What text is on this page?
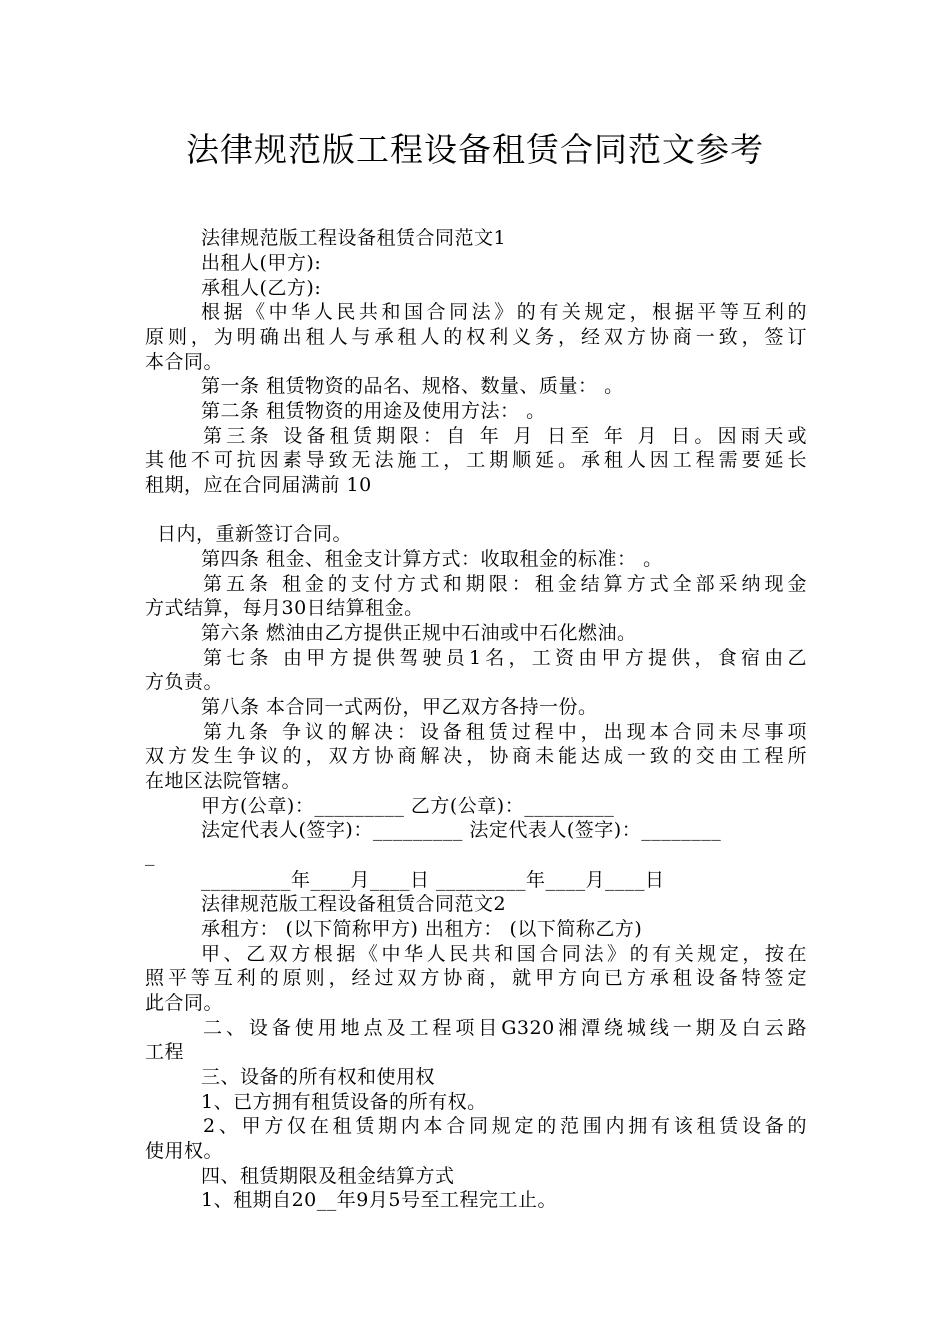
法律规范版工程设备租赁合同范文参考
法律规范版工程设备租赁合同范文1
出租人(甲方):
承租人(乙方):
根据《中华人民共和国合同法》的有关规定，根据平等互利的
原则，为明确出租人与承租人的权利义务，经双方协商一致，签订
本合同。
第一条 租赁物资的品名、规格、数量、质量： 。
第二条 租赁物资的用途及使用方法： 。
第三条 设备租赁期限：自 年 月 日至 年 月 日。因雨天或
其他不可抗因素导致无法施工，工期顺延。承租人因工程需要延长
租期，应在合同届满前 10
日内，重新签订合同。
第四条 租金、租金支计算方式：收取租金的标准： 。
第五条 租金的支付方式和期限：租金结算方式全部采纳现金
方式结算，每月30日结算租金。
第六条 燃油由乙方提供正规中石油或中石化燃油。
第七条 由甲方提供驾驶员1名，工资由甲方提供，食宿由乙
方负责。
第八条 本合同一式两份，甲乙双方各持一份。
第九条 争议的解决：设备租赁过程中，出现本合同未尽事项
双方发生争议的，双方协商解决，协商未能达成一致的交由工程所
在地区法院管辖。
甲方(公章)：_________ 乙方(公章)：_________
法定代表人(签字)：_________ 法定代表人(签字)：________
_
_________年____月____日 _________年____月____日
法律规范版工程设备租赁合同范文2
承租方： (以下简称甲方) 出租方： (以下简称乙方)
甲、乙双方根据《中华人民共和国合同法》的有关规定，按在
照平等互利的原则，经过双方协商，就甲方向已方承租设备特签定
此合同。
二、设备使用地点及工程项目G320湘潭绕城线一期及白云路
工程
三、设备的所有权和使用权
1、已方拥有租赁设备的所有权。
2、甲方仅在租赁期内本合同规定的范围内拥有该租赁设备的
使用权。
四、租赁期限及租金结算方式
1、租期自20__年9月5号至工程完工止。
